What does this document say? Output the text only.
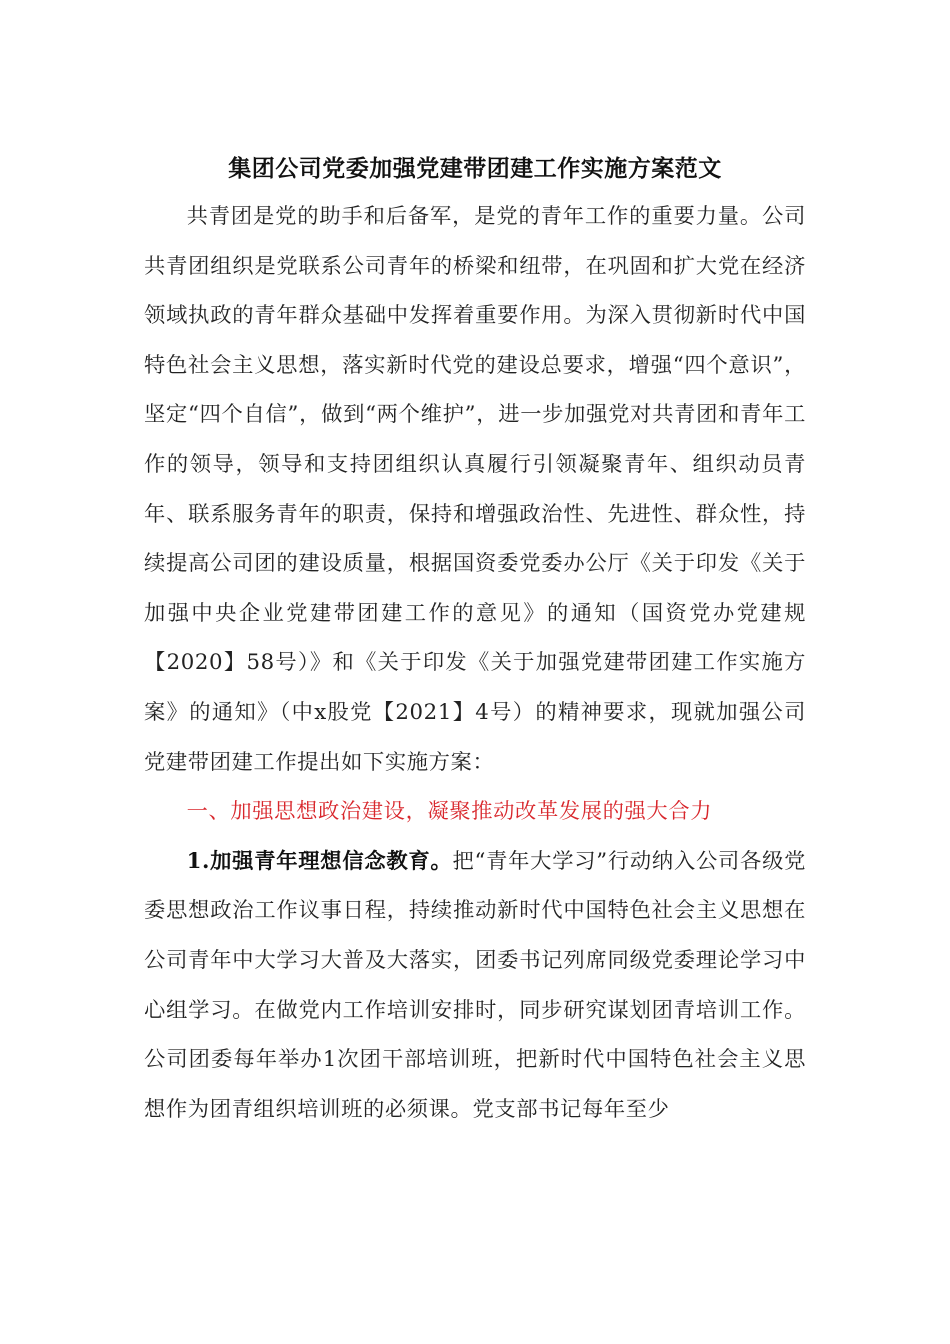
集团公司党委加强党建带团建工作实施方案范文

共青团是党的助手和后备军，是党的青年工作的重要力量。公司共青团组织是党联系公司青年的桥梁和纽带，在巩固和扩大党在经济领域执政的青年群众基础中发挥着重要作用。为深入贯彻新时代中国特色社会主义思想，落实新时代党的建设总要求，增强“四个意识”，坚定“四个自信”，做到“两个维护”，进一步加强党对共青团和青年工作的领导，领导和支持团组织认真履行引领凝聚青年、组织动员青年、联系服务青年的职责，保持和增强政治性、先进性、群众性，持续提高公司团的建设质量，根据国资委党委办公厅《关于印发《关于加强中央企业党建带团建工作的意见》的通知（国资党办党建规【2020】58号）》和《关于印发《关于加强党建带团建工作实施方案》的通知》（中x股党【2021】4号）的精神要求，现就加强公司党建带团建工作提出如下实施方案：

一、加强思想政治建设，凝聚推动改革发展的强大合力

1.加强青年理想信念教育。把“青年大学习”行动纳入公司各级党委思想政治工作议事日程，持续推动新时代中国特色社会主义思想在公司青年中大学习大普及大落实，团委书记列席同级党委理论学习中心组学习。在做党内工作培训安排时，同步研究谋划团青培训工作。公司团委每年举办1次团干部培训班，把新时代中国特色社会主义思想作为团青组织培训班的必须课。党支部书记每年至少
